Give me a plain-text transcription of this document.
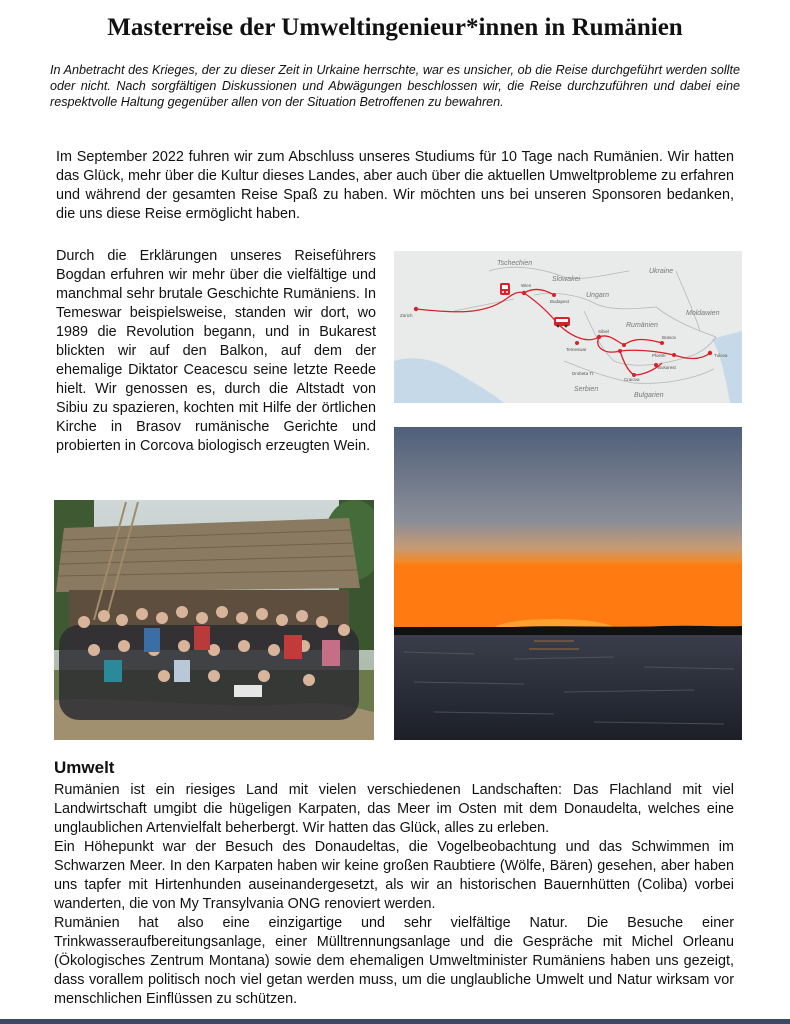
Masterreise der Umweltingenieur*innen in Rumänien

In Anbetracht des Krieges, der zu dieser Zeit in Urkaine herrschte, war es unsicher, ob die Reise durchgeführt werden sollte oder nicht. Nach sorgfältigen Diskussionen und Abwägungen beschlossen wir, die Reise durchzuführen und dabei eine respektvolle Haltung gegenüber allen von der Situation Betroffenen zu bewahren.

Im September 2022 fuhren wir zum Abschluss unseres Studiums für 10 Tage nach Rumänien. Wir hatten das Glück, mehr über die Kultur dieses Landes, aber auch über die aktuellen Umweltprobleme zu erfahren und während der gesamten Reise Spaß zu haben. Wir möchten uns bei unseren Sponsoren bedanken, die uns diese Reise ermöglicht haben.

Durch die Erklärungen unseres Reiseführers Bogdan erfuhren wir mehr über die vielfältige und manchmal sehr brutale Geschichte Rumäniens. In Temeswar beispielsweise, standen wir dort, wo 1989 die Revolution begann, und in Bukarest blickten wir auf den Balkon, auf dem der ehemalige Diktator Ceacescu seine letzte Reede hielt. Wir genossen es, durch die Altstadt von Sibiu zu spazieren, kochten mit Hilfe der örtlichen Kirche in Brasov rumänische Gerichte und probierten in Corcova biologisch erzeugten Wein.

Tschechien
Slowakei
Ukraine
Ungarn
Moldawien
Rumänien
Serbien
Bulgarien
Zürich
Wien
Budapest
Sibiel
Temeswar
Brasov
Ploesti
Bukarest
Craiova
Tulcea
Drobeta Tr.
Umwelt
Rumänien ist ein riesiges Land mit vielen verschiedenen Landschaften: Das Flachland mit viel Landwirtschaft umgibt die hügeligen Karpaten, das Meer im Osten mit dem Donaudelta, welches eine unglaublichen Artenvielfalt beherbergt. Wir hatten das Glück, alles zu erleben.
Ein Höhepunkt war der Besuch des Donaudeltas, die Vogelbeobachtung und das Schwimmen im Schwarzen Meer. In den Karpaten haben wir keine großen Raubtiere (Wölfe, Bären) gesehen, aber haben uns tapfer mit Hirtenhunden auseinandergesetzt, als wir an historischen Bauernhütten (Coliba) vorbei wanderten, die von My Transylvania ONG renoviert werden.
Rumänien hat also eine einzigartige und sehr vielfältige Natur. Die Besuche einer Trinkwasseraufbereitungsanlage, einer Mülltrennungsanlage und die Gespräche mit Michel Orleanu (Ökologisches Zentrum Montana) sowie dem ehemaligen Umweltminister Rumäniens haben uns gezeigt, dass vorallem politisch noch viel getan werden muss, um die unglaubliche Umwelt und Natur wirksam vor menschlichen Einflüssen zu schützen.
